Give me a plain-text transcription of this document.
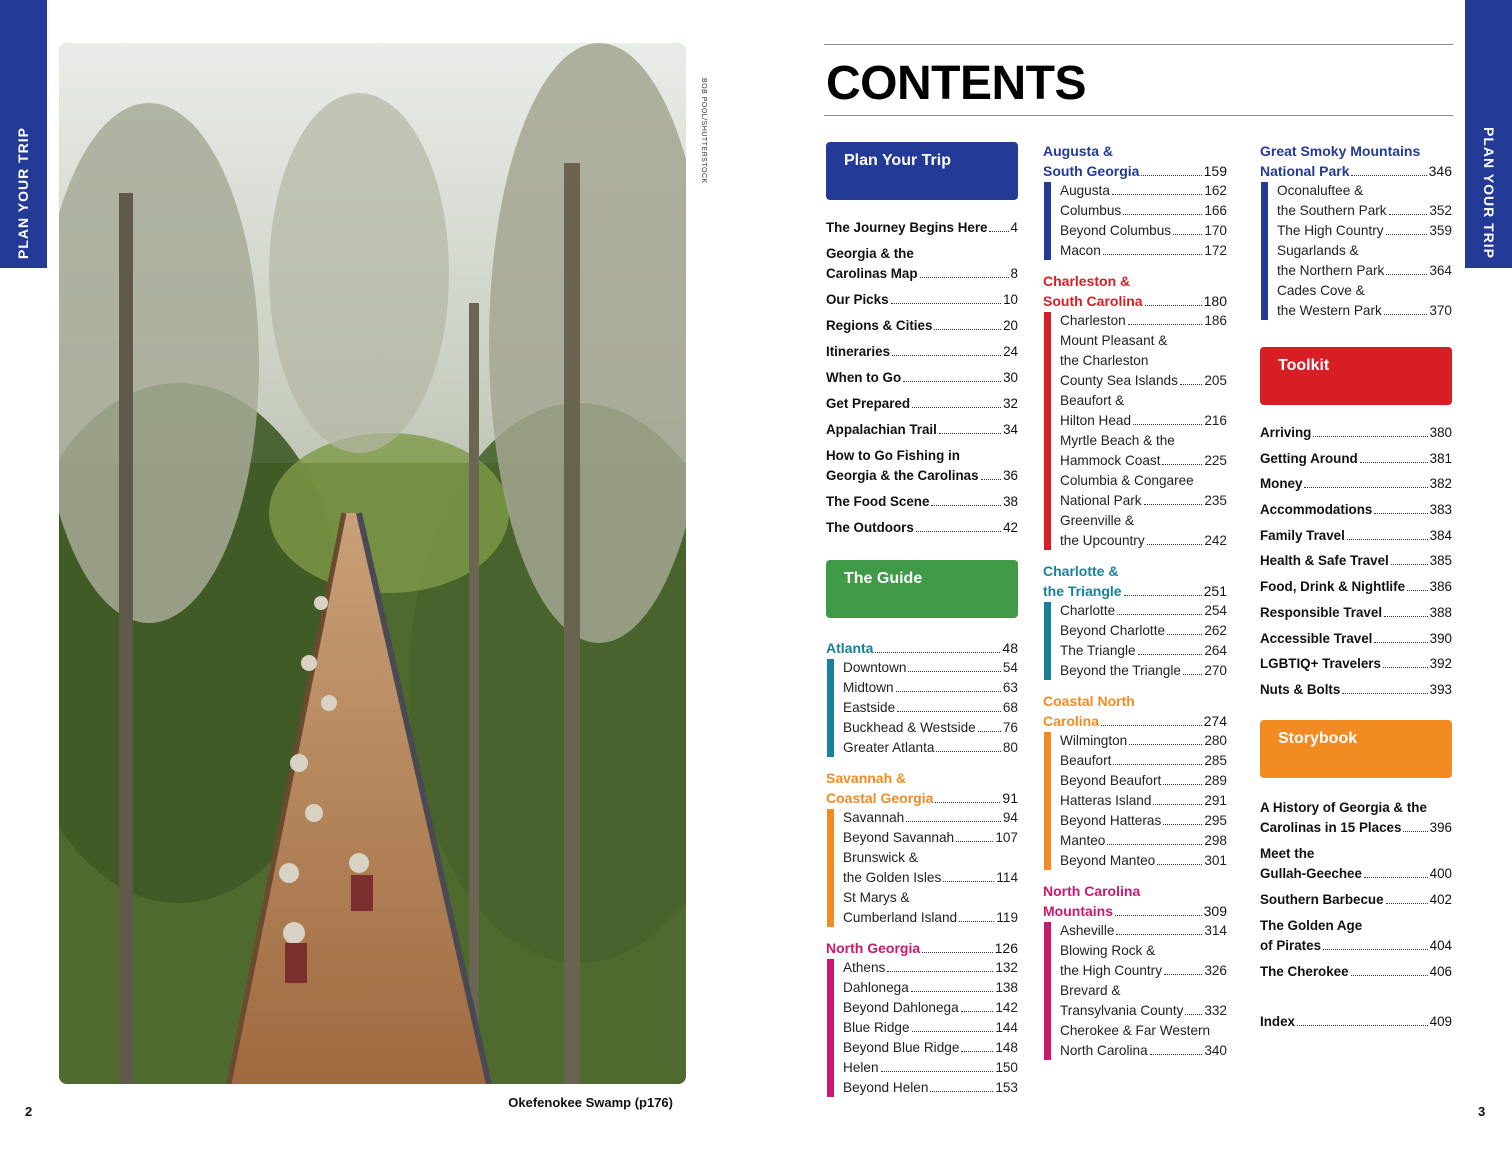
PLAN YOUR TRIP	PLAN YOUR TRIP
BOB POOL/SHUTTERSTOCK
Okefenokee Swamp (p176)
2	3
CONTENTS
Plan Your Trip
The Journey Begins Here 4
Georgia & the
Carolinas Map	8
Our Picks	10
Regions & Cities	20
Itineraries	24
When to Go	30
Get Prepared	32
Appalachian Trail	34
How to Go Fishing in
Georgia & the Carolinas 36
The Food Scene	38
The Outdoors	42
The Guide
Atlanta	48
Downtown	54
Midtown	63
Eastside	68
Buckhead & Westside 76
Greater Atlanta	80
Savannah &
Coastal Georgia	91
Savannah	94
Beyond Savannah	107
Brunswick &
the Golden Isles	114
St Marys &
Cumberland Island	119
North Georgia	126
Athens	132
Dahlonega	138
Beyond Dahlonega	142
Blue Ridge	144
Beyond Blue Ridge	148
Helen	150
Beyond Helen	153
Augusta &
South Georgia	159
Augusta	162
Columbus	166
Beyond Columbus 170
Macon	172
Charleston &
South Carolina	180
Charleston	186
Mount Pleasant &
the Charleston
County Sea Islands 205
Beaufort &
Hilton Head	216
Myrtle Beach & the
Hammock Coast	225
Columbia & Congaree
National Park	235
Greenville &
the Upcountry	242
Charlotte &
the Triangle	251
Charlotte	254
Beyond Charlotte	262
The Triangle	264
Beyond the Triangle 270
Coastal North
Carolina	274
Wilmington	280
Beaufort	285
Beyond Beaufort	289
Hatteras Island	291
Beyond Hatteras	295
Manteo	298
Beyond Manteo	301
North Carolina
Mountains	309
Asheville	314
Blowing Rock &
the High Country	326
Brevard &
Transylvania County 332
Cherokee & Far Western
North Carolina	340
Great Smoky Mountains
National Park	346
Oconaluftee &
the Southern Park	352
The High Country	359
Sugarlands &
the Northern Park	364
Cades Cove &
the Western Park	370
Toolkit
Arriving	380
Getting Around	381
Money	382
Accommodations	383
Family Travel	384
Health & Safe Travel	385
Food, Drink & Nightlife 386
Responsible Travel	388
Accessible Travel	390
LGBTIQ+ Travelers	392
Nuts & Bolts	393
Storybook
A History of Georgia & the
Carolinas in 15 Places 396
Meet the
Gullah-Geechee	400
Southern Barbecue	402
The Golden Age
of Pirates	404
The Cherokee	406
Index	409
